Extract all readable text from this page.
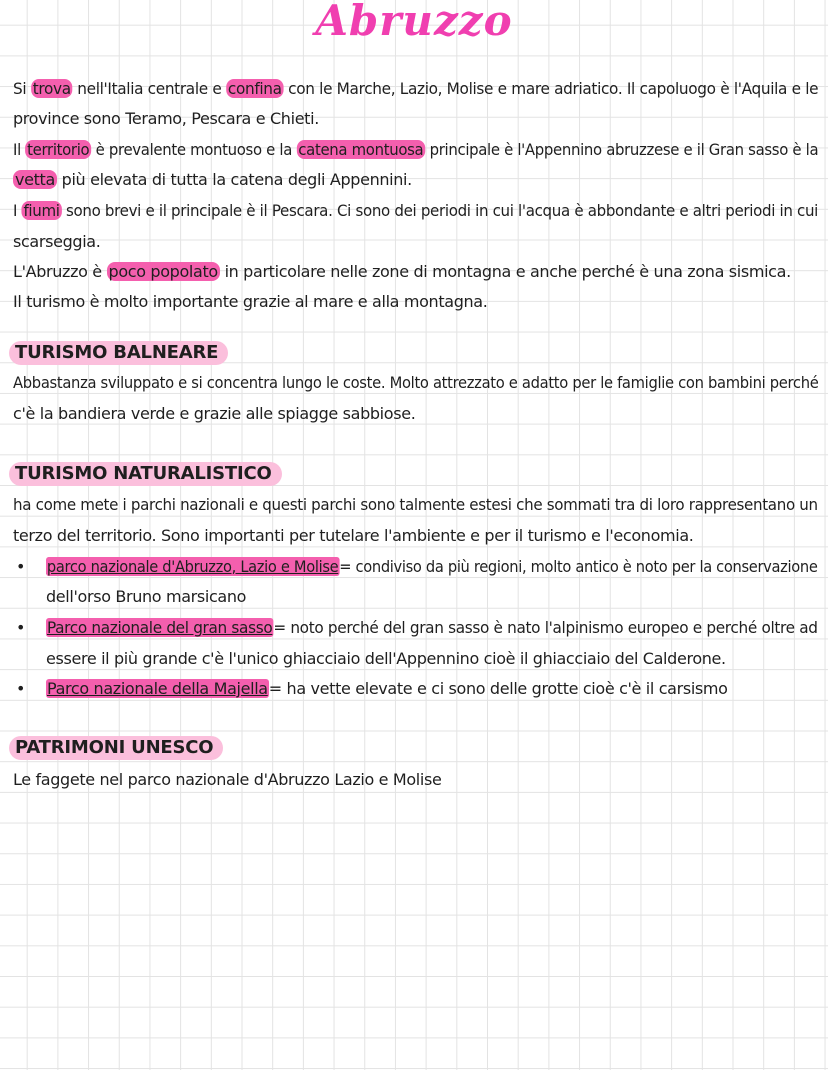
Abruzzo
Si trova nell'Italia centrale e confina con le Marche, Lazio, Molise e mare adriatico. Il capoluogo è l'Aquila e le
province sono Teramo, Pescara e Chieti.
Il territorio è prevalente montuoso e la catena montuosa principale è l'Appennino abruzzese e il Gran sasso è la
vetta più elevata di tutta la catena degli Appennini.
I fiumi sono brevi e il principale è il Pescara. Ci sono dei periodi in cui l'acqua è abbondante e altri periodi in cui
scarseggia.
L'Abruzzo è poco popolato in particolare nelle zone di montagna e anche perché è una zona sismica.
Il turismo è molto importante grazie al mare e alla montagna.
TURISMO BALNEARE
Abbastanza sviluppato e si concentra lungo le coste. Molto attrezzato e adatto per le famiglie con bambini perché
c'è la bandiera verde e grazie alle spiagge sabbiose.
TURISMO NATURALISTICO
ha come mete i parchi nazionali e questi parchi sono talmente estesi che sommati tra di loro rappresentano un
terzo del territorio. Sono importanti per tutelare l'ambiente e per il turismo e l'economia.
• parco nazionale d'Abruzzo, Lazio e Molise= condiviso da più regioni, molto antico è noto per la conservazione
dell'orso Bruno marsicano
• Parco nazionale del gran sasso= noto perché del gran sasso è nato l'alpinismo europeo e perché oltre ad
essere il più grande c'è l'unico ghiacciaio dell'Appennino cioè il ghiacciaio del Calderone.
• Parco nazionale della Majella= ha vette elevate e ci sono delle grotte cioè c'è il carsismo
PATRIMONI UNESCO
Le faggete nel parco nazionale d'Abruzzo Lazio e Molise
